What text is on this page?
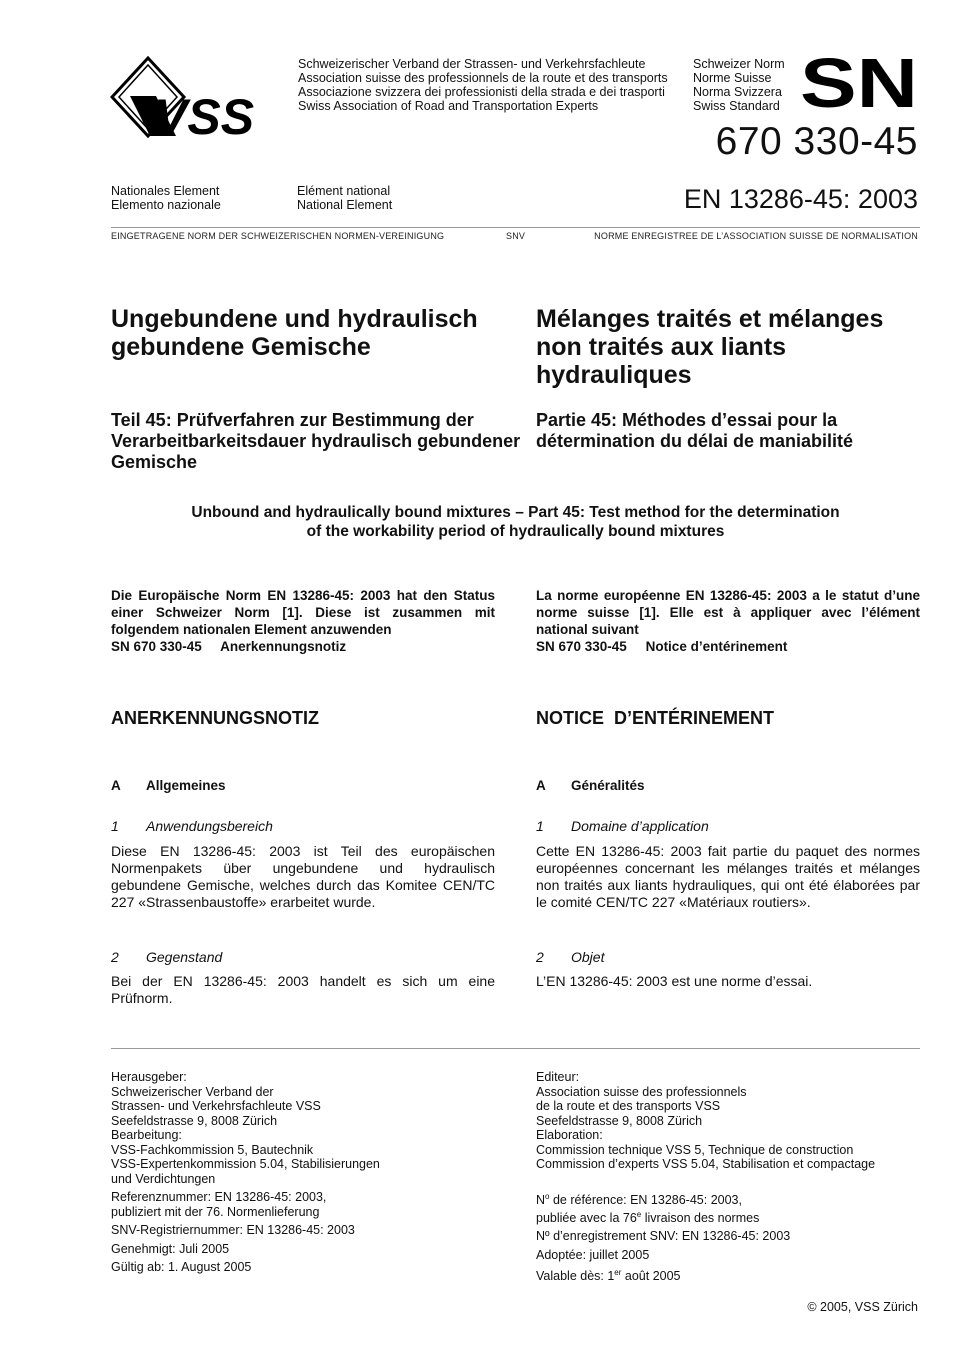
VSS
Schweizerischer Verband der Strassen- und Verkehrsfachleute
Association suisse des professionnels de la route et des transports
Associazione svizzera dei professionisti della strada e dei trasporti
Swiss Association of Road and Transportation Experts
Schweizer Norm
Norme Suisse
Norma Svizzera
Swiss Standard SN
670 330-45
Nationales Element
Elemento nazionale
Elément national
National Element	EN 13286-45: 2003
EINGETRAGENE NORM DER SCHWEIZERISCHEN NORMEN-VEREINIGUNG	SNV	NORME ENREGISTREE DE L’ASSOCIATION SUISSE DE NORMALISATION
Ungebundene und hydraulisch gebundene Gemische
Mélanges traités et mélanges non traités aux liants hydrauliques
Teil 45: Prüfverfahren zur Bestimmung der Verarbeitbarkeitsdauer hydraulisch gebundener Gemische
Partie 45: Méthodes d’essai pour la détermination du délai de maniabilité
Unbound and hydraulically bound mixtures – Part 45: Test method for the determination
of the workability period of hydraulically bound mixtures
Die Europäische Norm EN 13286-45: 2003 hat den Status einer Schweizer Norm [1]. Diese ist zusammen mit folgendem nationalen Element anzuwenden
SN 670 330-45     Anerkennungsnotiz
La norme européenne EN 13286-45: 2003 a le statut d’une norme suisse [1]. Elle est à appliquer avec l’élément national suivant
SN 670 330-45     Notice d’entérinement
ANERKENNUNGSNOTIZ	NOTICE  D’ENTÉRINEMENT
A Allgemeines	A Généralités
1 Anwendungsbereich	1 Domaine d’application
Diese EN 13286-45: 2003 ist Teil des europäischen Normenpakets über ungebundene und hydraulisch gebundene Gemische, welches durch das Komitee CEN/TC 227 «Strassenbaustoffe» erarbeitet wurde.
Cette EN 13286-45: 2003 fait partie du paquet des normes européennes concernant les mélanges traités et mélanges non traités aux liants hydrauliques, qui ont été élaborées par le comité CEN/TC 227 «Matériaux routiers».
2 Gegenstand	2 Objet
Bei der EN 13286-45: 2003 handelt es sich um eine Prüfnorm.
L’EN 13286-45: 2003 est une norme d’essai.
Herausgeber:
Schweizerischer Verband der
Strassen- und Verkehrsfachleute VSS
Seefeldstrasse 9, 8008 Zürich
Bearbeitung:
VSS-Fachkommission 5, Bautechnik
VSS-Expertenkommission 5.04, Stabilisierungen
und Verdichtungen
Referenznummer: EN 13286-45: 2003,
publiziert mit der 76. Normenlieferung
SNV-Registriernummer: EN 13286-45: 2003
Genehmigt: Juli 2005
Gültig ab: 1. August 2005
Editeur:
Association suisse des professionnels
de la route et des transports VSS
Seefeldstrasse 9, 8008 Zürich
Elaboration:
Commission technique VSS 5, Technique de construction
Commission d’experts VSS 5.04, Stabilisation et compactage

$N^o$ de référence: EN 13286-45: 2003,
publiée avec la 76e livraison des normes
Nº d’enregistrement SNV: EN 13286-45: 2003
Adoptée: juillet 2005
Valable dès: 1er août 2005
© 2005, VSS Zürich
